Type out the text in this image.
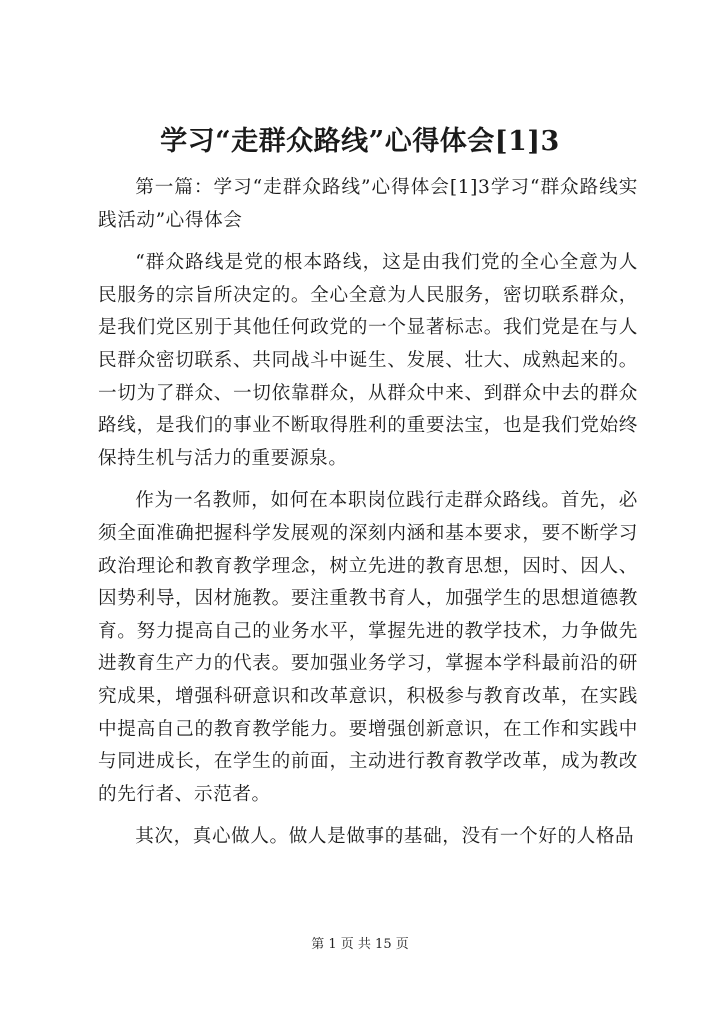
学习“走群众路线”心得体会[1]3

第一篇：学习“走群众路线”心得体会[1]3学习“群众路线实践活动”心得体会

“群众路线是党的根本路线，这是由我们党的全心全意为人民服务的宗旨所决定的。全心全意为人民服务，密切联系群众，是我们党区别于其他任何政党的一个显著标志。我们党是在与人民群众密切联系、共同战斗中诞生、发展、壮大、成熟起来的。一切为了群众、一切依靠群众，从群众中来、到群众中去的群众路线，是我们的事业不断取得胜利的重要法宝，也是我们党始终保持生机与活力的重要源泉。

作为一名教师，如何在本职岗位践行走群众路线。首先，必须全面准确把握科学发展观的深刻内涵和基本要求，要不断学习政治理论和教育教学理念，树立先进的教育思想，因时、因人、因势利导，因材施教。要注重教书育人，加强学生的思想道德教育。努力提高自己的业务水平，掌握先进的教学技术，力争做先进教育生产力的代表。要加强业务学习，掌握本学科最前沿的研究成果，增强科研意识和改革意识，积极参与教育改革，在实践中提高自己的教育教学能力。要增强创新意识，在工作和实践中与同进成长，在学生的前面，主动进行教育教学改革，成为教改的先行者、示范者。

其次，真心做人。做人是做事的基础，没有一个好的人格品

第 1 页 共 15 页
